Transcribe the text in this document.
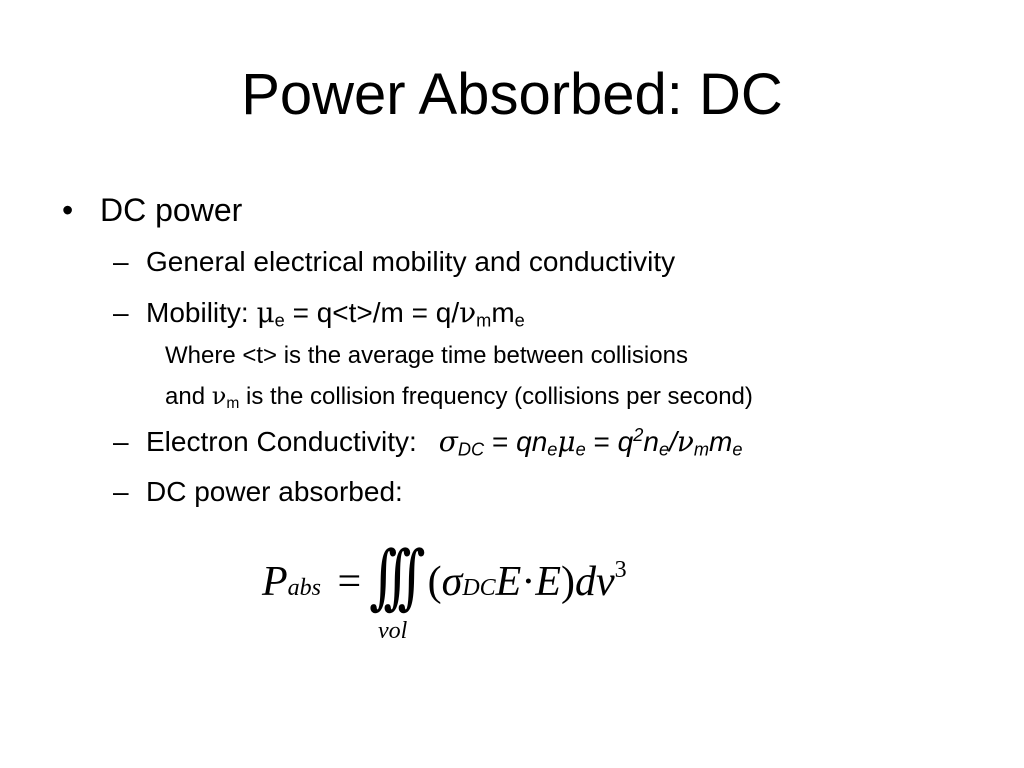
Power Absorbed: DC
• DC power
– General electrical mobility and conductivity
– Mobility: $\mu_e = q<t>/m = q/\nu_mm_e$
Where <t> is the average time between collisions
and $\nu_m$ is the collision frequency (collisions per second)
– Electron Conductivity: $\sigma_{DC} = qn_e\mu_e = q^2n_e/\nu_mm_e$
– DC power absorbed:
Pabs = ∫∫∫ $(\sigma DCE\cdot E)dv^3$
vol
